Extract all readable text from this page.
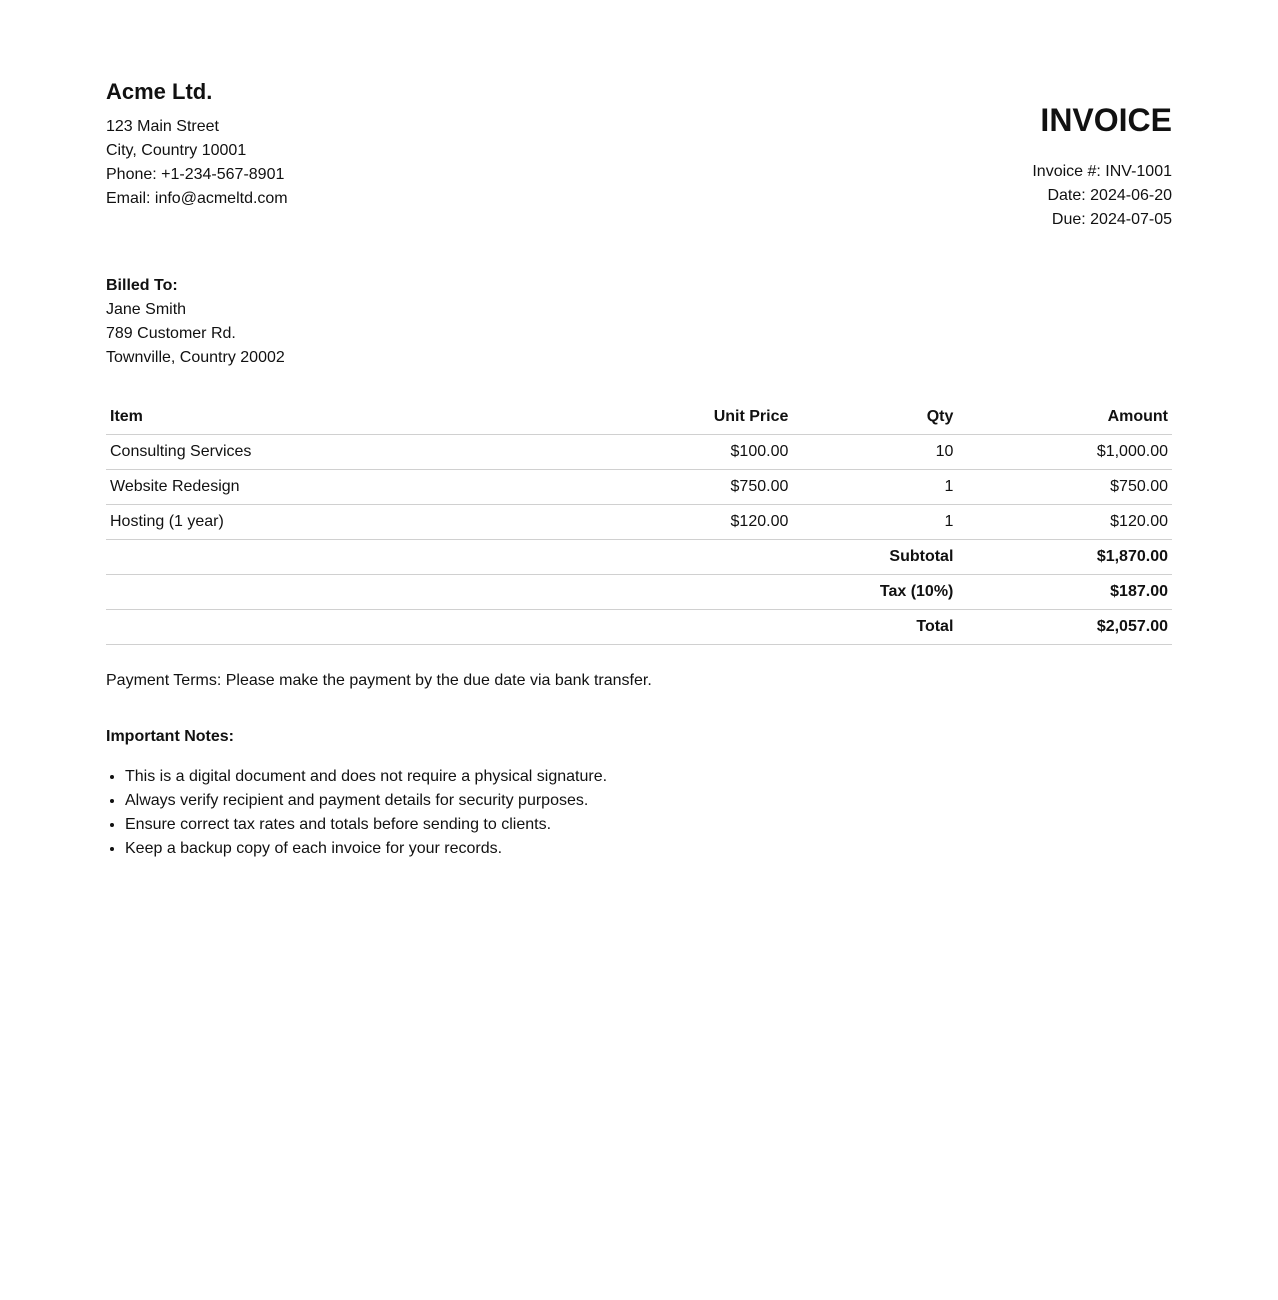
Acme Ltd.
123 Main Street
City, Country 10001
Phone: +1-234-567-8901
Email: info@acmeltd.com
INVOICE
Invoice #: INV-1001
Date: 2024-06-20
Due: 2024-07-05
Billed To:
Jane Smith
789 Customer Rd.
Townville, Country 20002
Item	Unit Price	Qty	Amount
Consulting Services	$100.00	10	$1,000.00
Website Redesign	$750.00	1	$750.00
Hosting (1 year)	$120.00	1	$120.00
		Subtotal	$1,870.00
		Tax (10%)	$187.00
		Total	$2,057.00
Payment Terms: Please make the payment by the due date via bank transfer.
Important Notes:
• This is a digital document and does not require a physical signature.
• Always verify recipient and payment details for security purposes.
• Ensure correct tax rates and totals before sending to clients.
• Keep a backup copy of each invoice for your records.
